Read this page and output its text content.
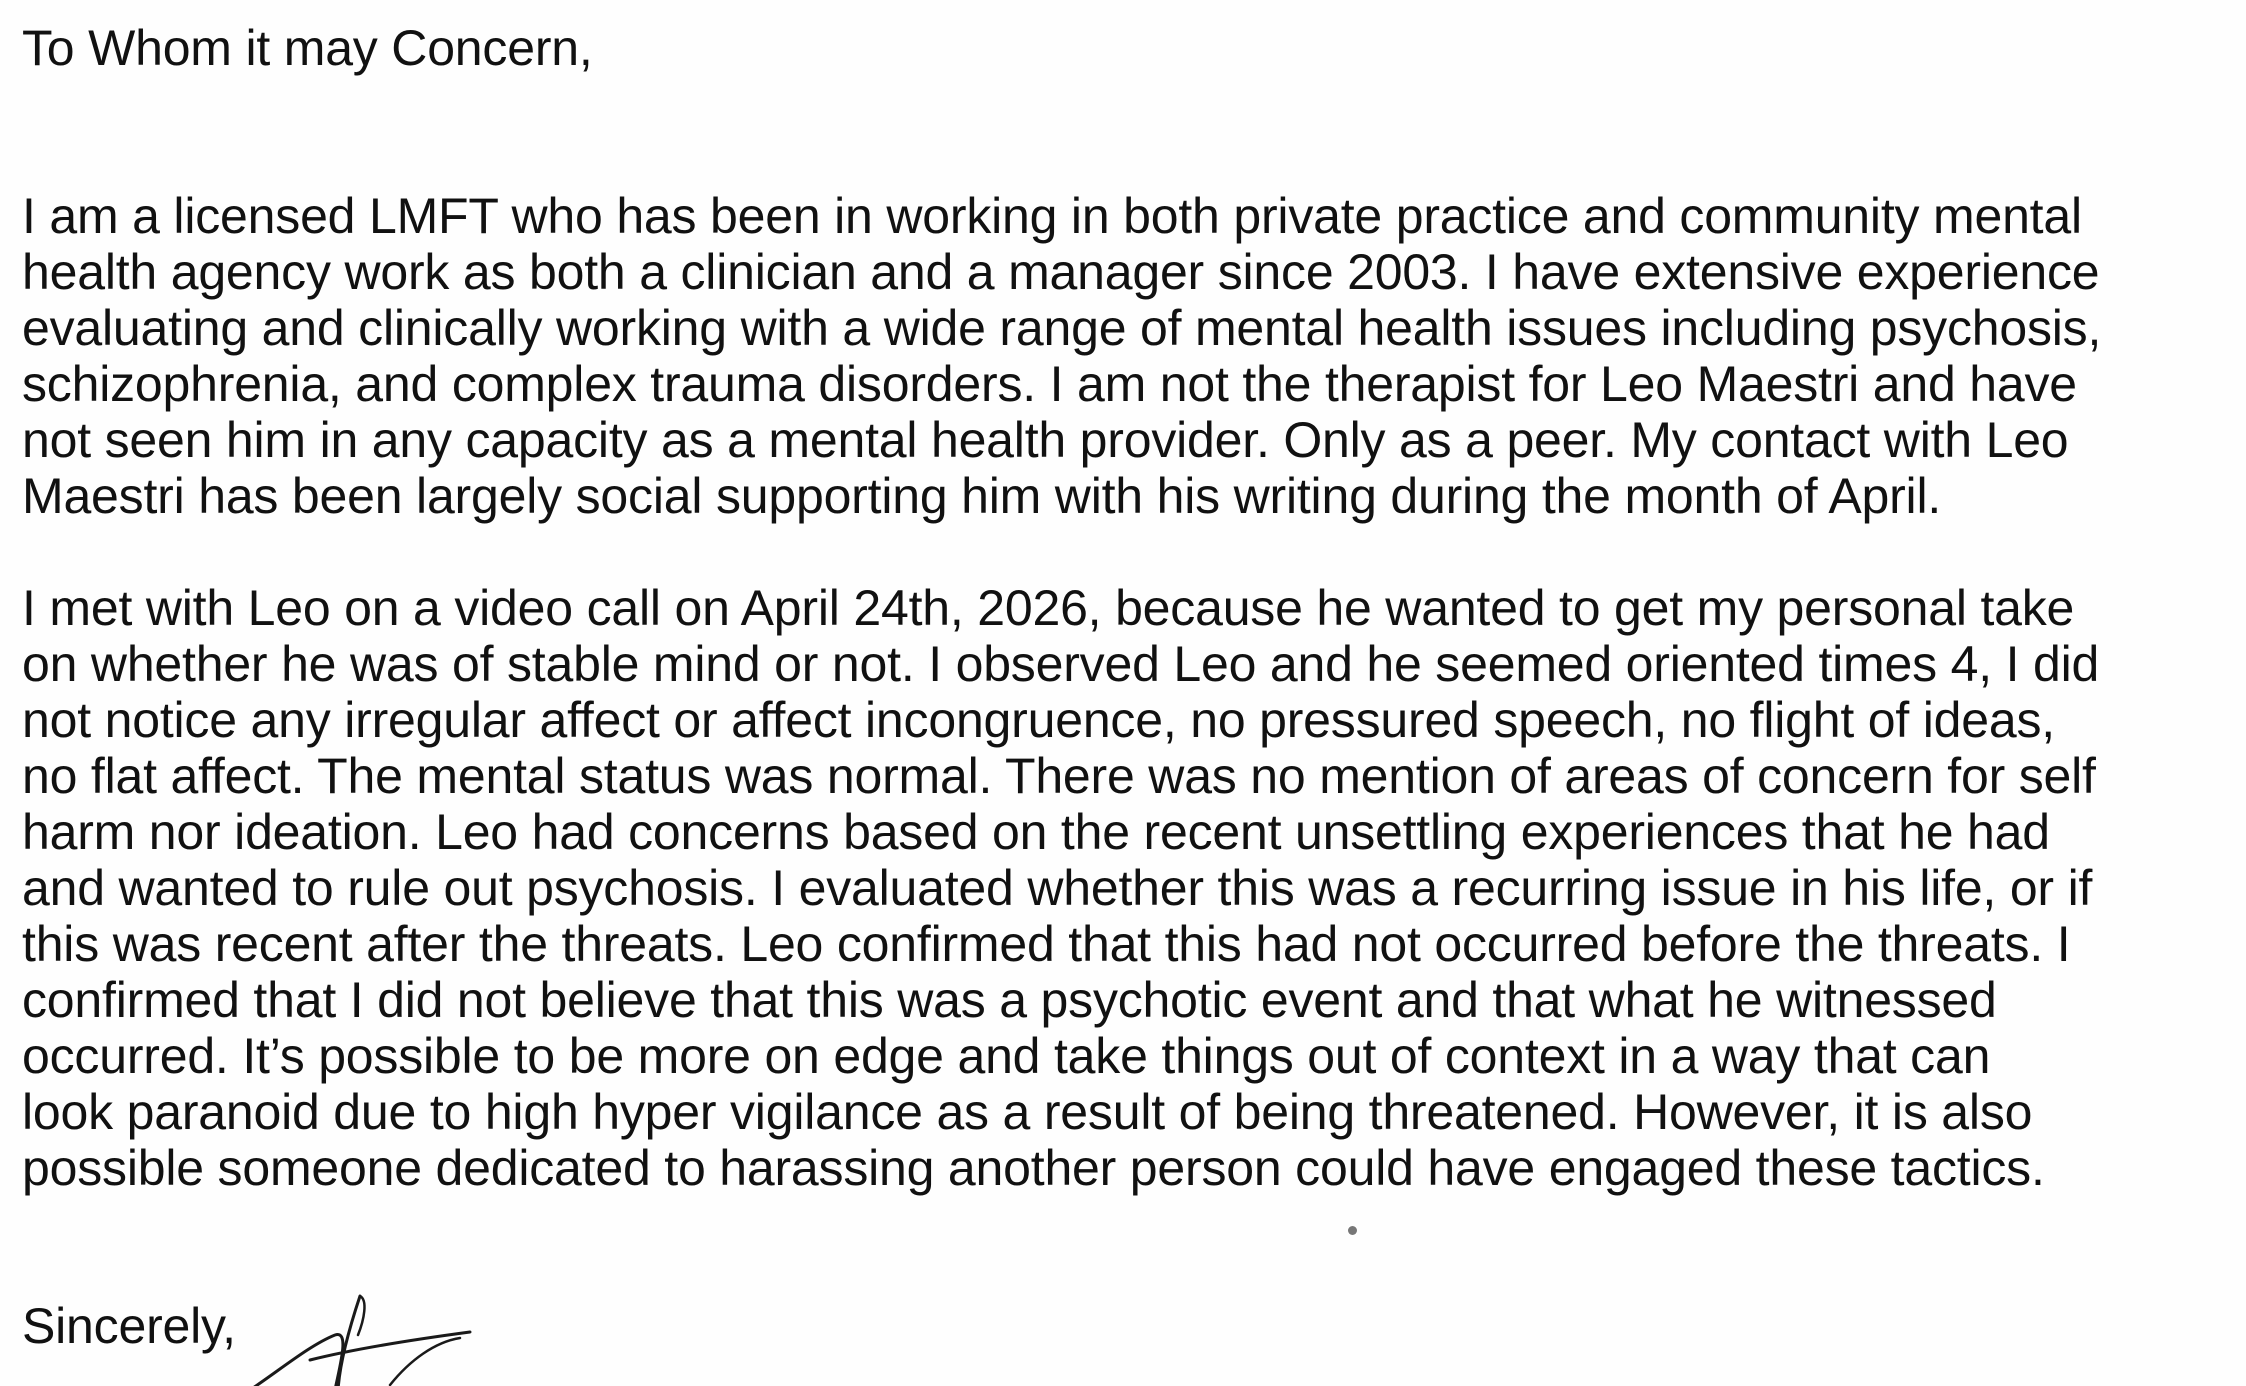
To Whom it may Concern,
I am a licensed LMFT who has been in working in both private practice and community mental
health agency work as both a clinician and a manager since 2003. I have extensive experience
evaluating and clinically working with a wide range of mental health issues including psychosis,
schizophrenia, and complex trauma disorders. I am not the therapist for Leo Maestri and have
not seen him in any capacity as a mental health provider. Only as a peer. My contact with Leo
Maestri has been largely social supporting him with his writing during the month of April.
I met with Leo on a video call on April 24th, 2026, because he wanted to get my personal take
on whether he was of stable mind or not. I observed Leo and he seemed oriented times 4, I did
not notice any irregular affect or affect incongruence, no pressured speech, no flight of ideas,
no flat affect. The mental status was normal. There was no mention of areas of concern for self
harm nor ideation. Leo had concerns based on the recent unsettling experiences that he had
and wanted to rule out psychosis. I evaluated whether this was a recurring issue in his life, or if
this was recent after the threats. Leo confirmed that this had not occurred before the threats. I
confirmed that I did not believe that this was a psychotic event and that what he witnessed
occurred. It’s possible to be more on edge and take things out of context in a way that can
look paranoid due to high hyper vigilance as a result of being threatened. However, it is also
possible someone dedicated to harassing another person could have engaged these tactics.
Sincerely,
